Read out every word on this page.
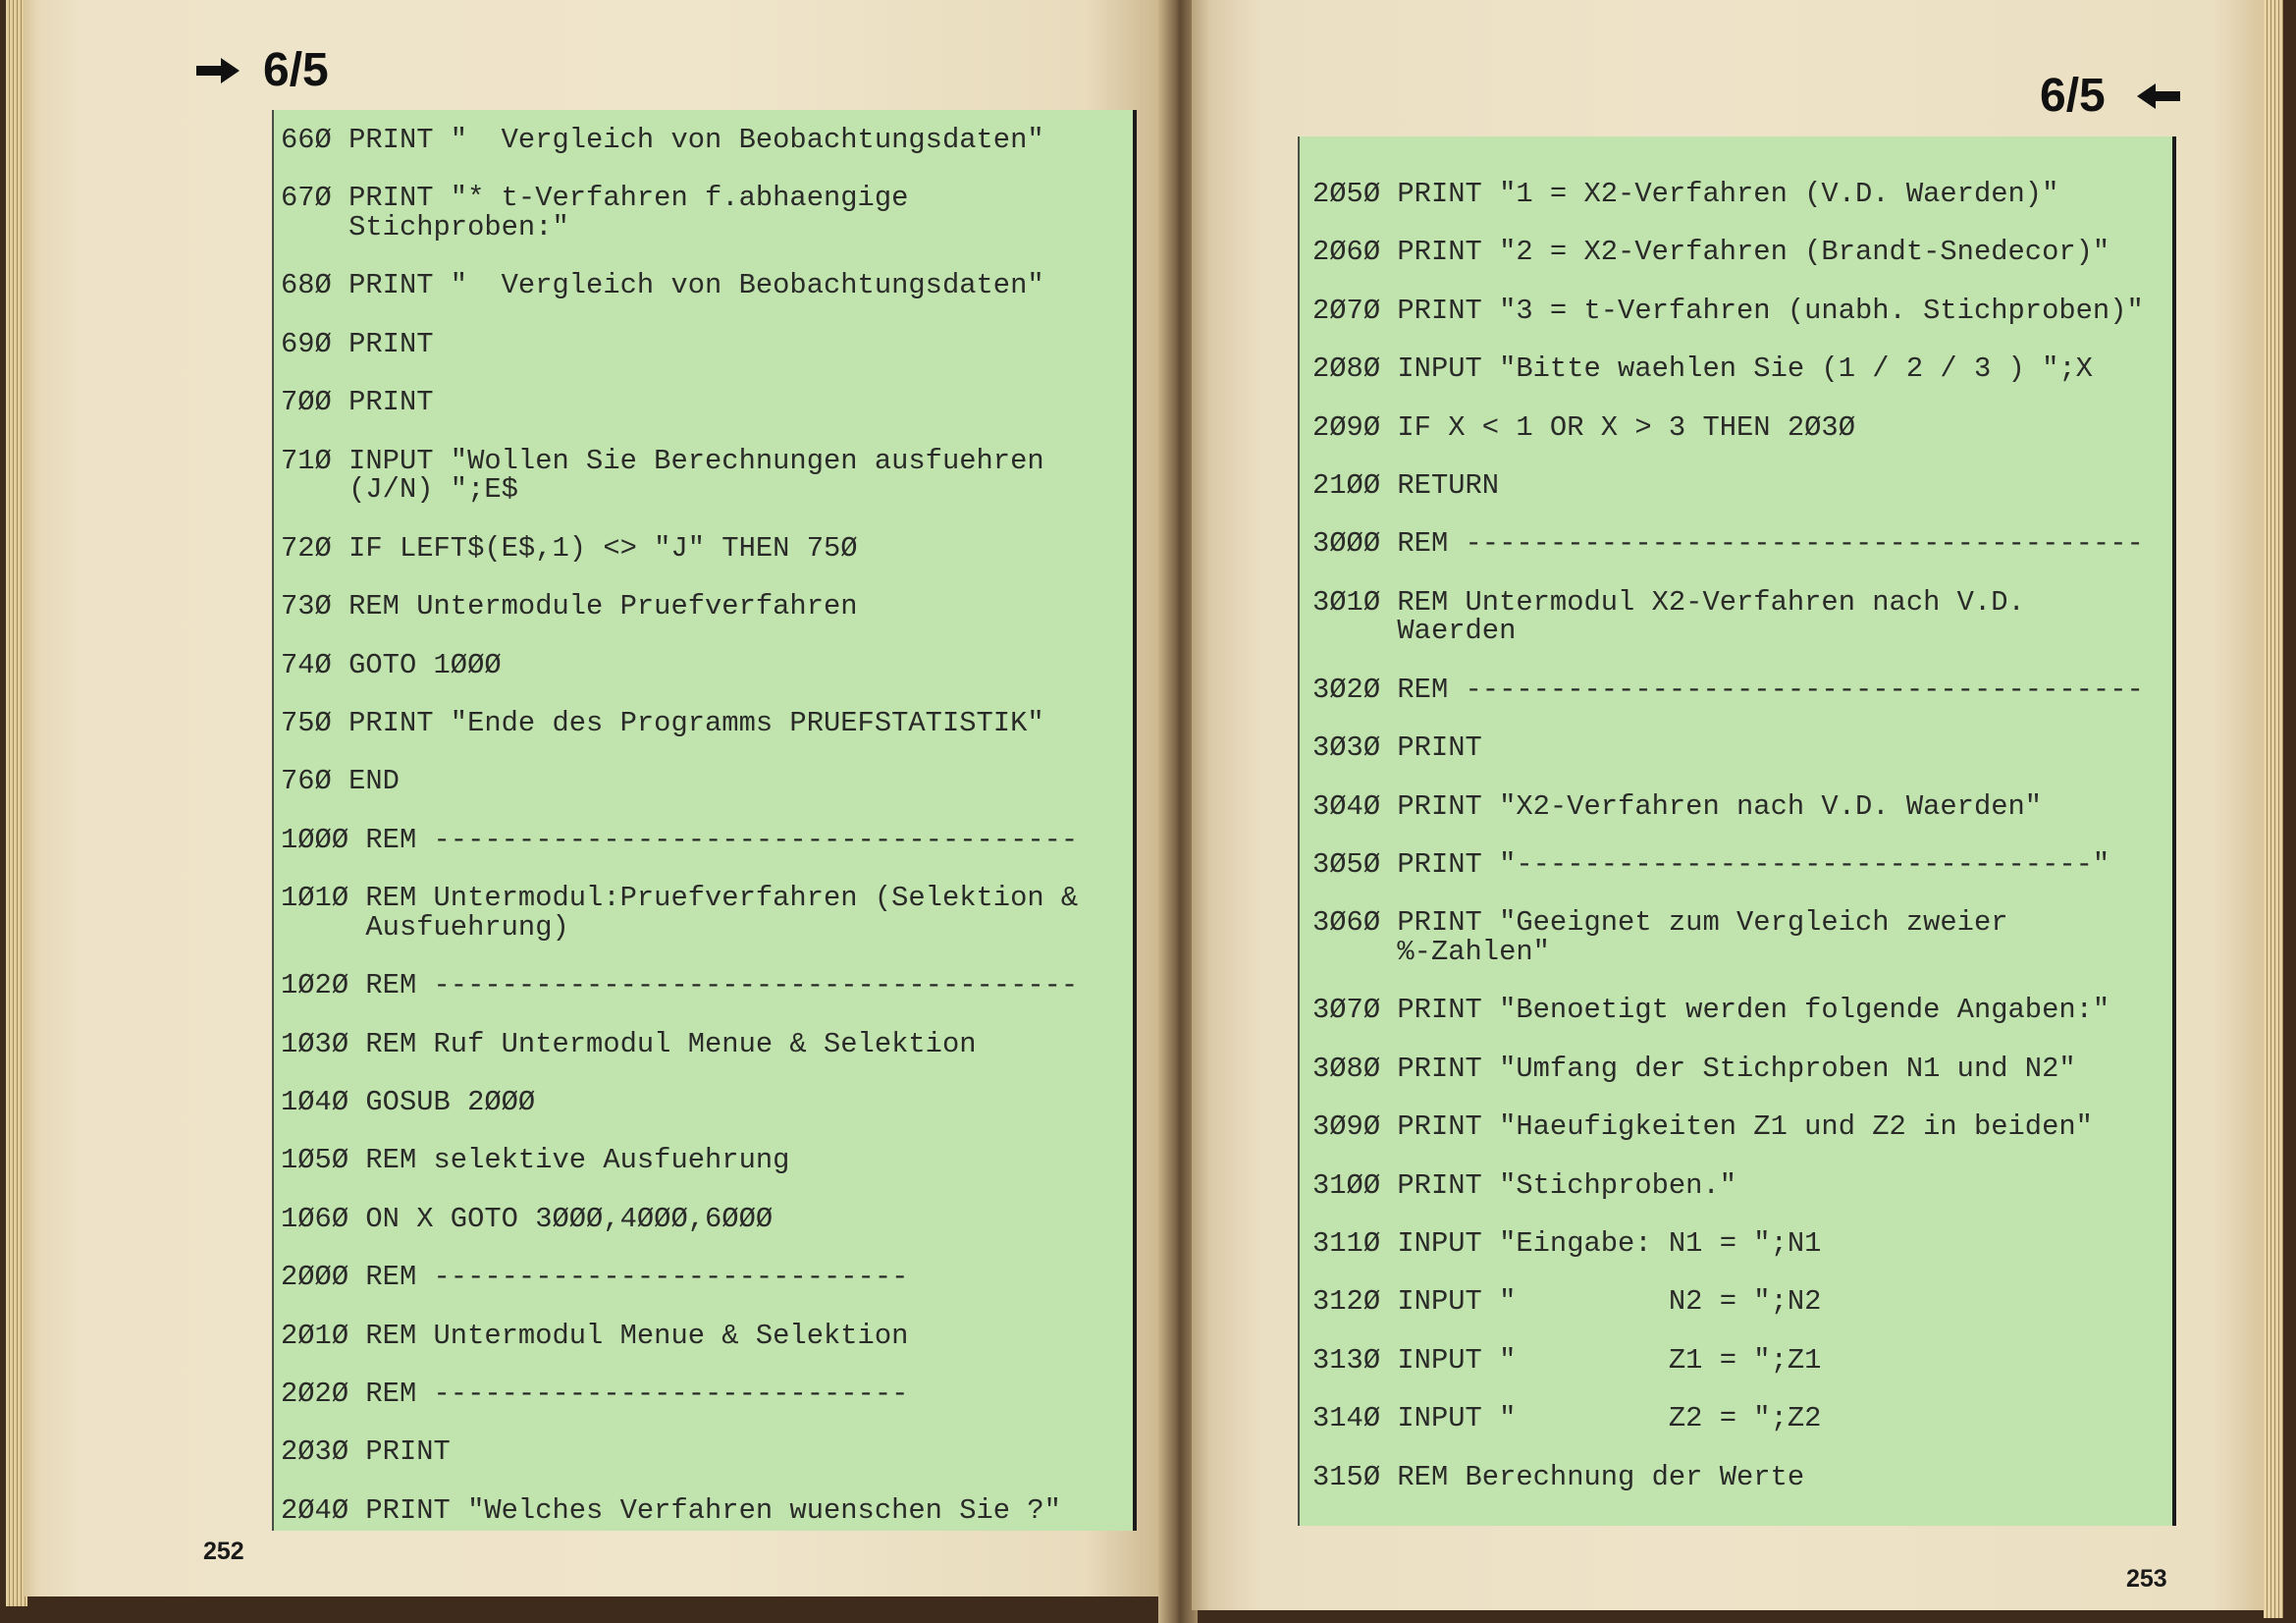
6/5
66Ø PRINT "  Vergleich von Beobachtungsdaten"
67Ø PRINT "* t-Verfahren f.abhaengige
Stichproben:"
68Ø PRINT "  Vergleich von Beobachtungsdaten"
69Ø PRINT
7ØØ PRINT
71Ø INPUT "Wollen Sie Berechnungen ausfuehren
(J/N) ";E$
72Ø IF LEFT$(E$,1) <> "J" THEN 75Ø
73Ø REM Untermodule Pruefverfahren
74Ø GOTO 1ØØØ
75Ø PRINT "Ende des Programms PRUEFSTATISTIK"
76Ø END
1ØØØ REM --------------------------------------
1Ø1Ø REM Untermodul:Pruefverfahren (Selektion &
Ausfuehrung)
1Ø2Ø REM --------------------------------------
1Ø3Ø REM Ruf Untermodul Menue & Selektion
1Ø4Ø GOSUB 2ØØØ
1Ø5Ø REM selektive Ausfuehrung
1Ø6Ø ON X GOTO 3ØØØ,4ØØØ,6ØØØ
2ØØØ REM ----------------------------
2Ø1Ø REM Untermodul Menue & Selektion
2Ø2Ø REM ----------------------------
2Ø3Ø PRINT
2Ø4Ø PRINT "Welches Verfahren wuenschen Sie ?"
252
6/5
2Ø5Ø PRINT "1 = X2-Verfahren (V.D. Waerden)"
2Ø6Ø PRINT "2 = X2-Verfahren (Brandt-Snedecor)"
2Ø7Ø PRINT "3 = t-Verfahren (unabh. Stichproben)"
2Ø8Ø INPUT "Bitte waehlen Sie (1 / 2 / 3 ) ";X
2Ø9Ø IF X < 1 OR X > 3 THEN 2Ø3Ø
21ØØ RETURN
3ØØØ REM ----------------------------------------
3Ø1Ø REM Untermodul X2-Verfahren nach V.D.
Waerden
3Ø2Ø REM ----------------------------------------
3Ø3Ø PRINT
3Ø4Ø PRINT "X2-Verfahren nach V.D. Waerden"
3Ø5Ø PRINT "----------------------------------"
3Ø6Ø PRINT "Geeignet zum Vergleich zweier
%-Zahlen"
3Ø7Ø PRINT "Benoetigt werden folgende Angaben:"
3Ø8Ø PRINT "Umfang der Stichproben N1 und N2"
3Ø9Ø PRINT "Haeufigkeiten Z1 und Z2 in beiden"
31ØØ PRINT "Stichproben."
311Ø INPUT "Eingabe: N1 = ";N1
312Ø INPUT "         N2 = ";N2
313Ø INPUT "         Z1 = ";Z1
314Ø INPUT "         Z2 = ";Z2
315Ø REM Berechnung der Werte
253
